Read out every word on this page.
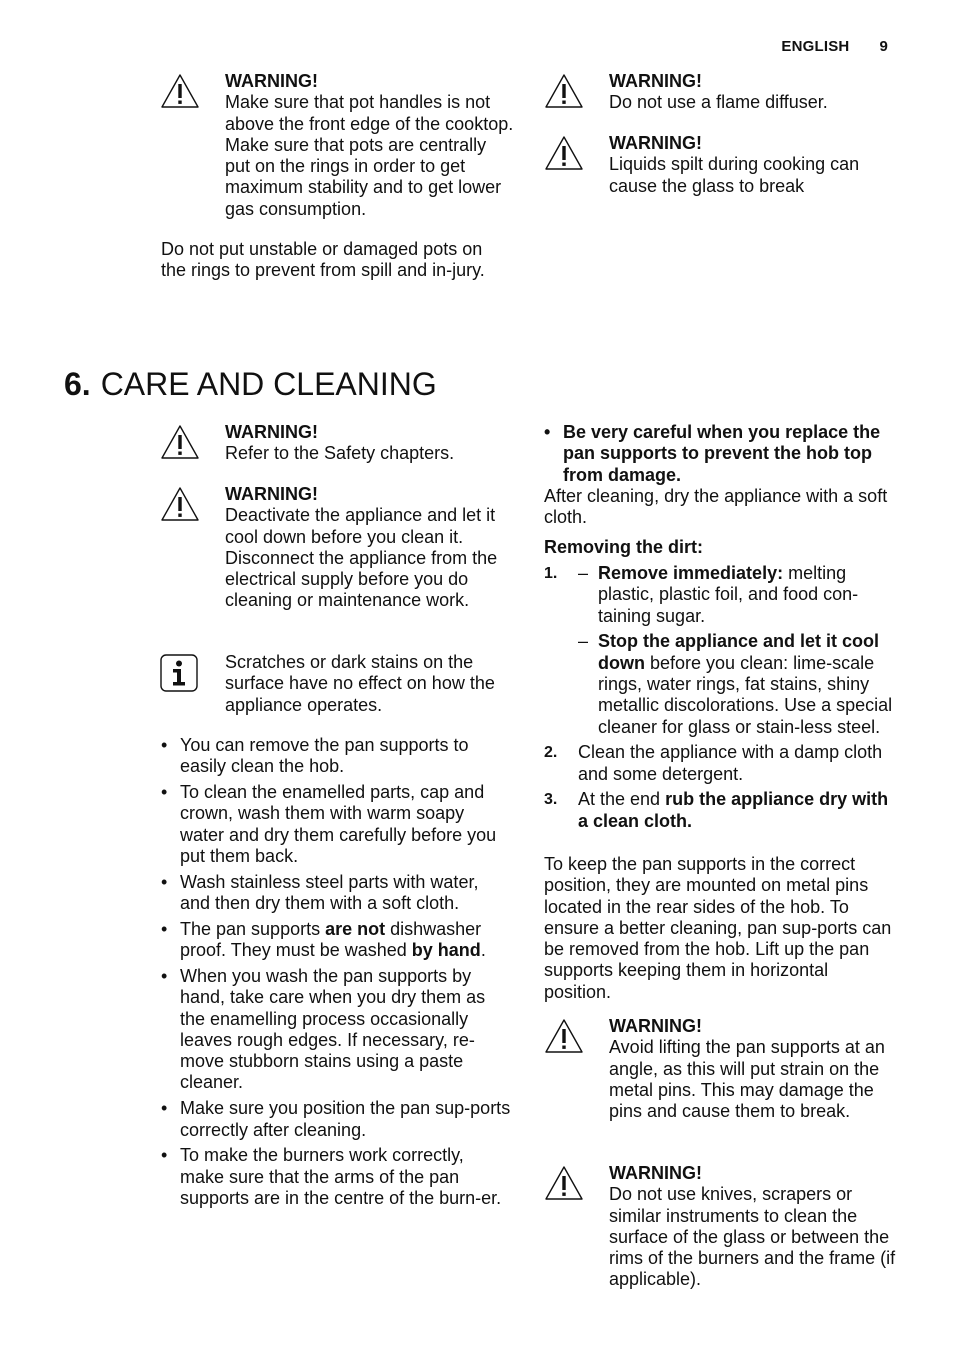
ENGLISH 9
WARNING!
Make sure that pot handles is not above the front edge of the cooktop. Make sure that pots are centrally put on the rings in order to get maximum stability and to get lower gas consumption.
Do not put unstable or damaged pots on the rings to prevent from spill and in-jury.
WARNING!
Do not use a flame diffuser.
WARNING!
Liquids spilt during cooking can cause the glass to break
6. CARE AND CLEANING
WARNING!
Refer to the Safety chapters.
WARNING!
Deactivate the appliance and let it cool down before you clean it. Disconnect the appliance from the electrical supply before you do cleaning or maintenance work.
Scratches or dark stains on the surface have no effect on how the appliance operates.
• You can remove the pan supports to easily clean the hob.
• To clean the enamelled parts, cap and crown, wash them with warm soapy water and dry them carefully before you put them back.
• Wash stainless steel parts with water, and then dry them with a soft cloth.
• The pan supports are not dishwasher proof. They must be washed by hand.
• When you wash the pan supports by hand, take care when you dry them as the enamelling process occasionally leaves rough edges. If necessary, re-move stubborn stains using a paste cleaner.
• Make sure you position the pan sup-ports correctly after cleaning.
• To make the burners work correctly, make sure that the arms of the pan supports are in the centre of the burn-er.
• Be very careful when you replace the pan supports to prevent the hob top from damage.
After cleaning, dry the appliance with a soft cloth.
Removing the dirt:
1. – Remove immediately: melting plastic, plastic foil, and food con-taining sugar.
– Stop the appliance and let it cool down before you clean: lime-scale rings, water rings, fat stains, shiny metallic discolorations. Use a special cleaner for glass or stain-less steel.
2. Clean the appliance with a damp cloth and some detergent.
3. At the end rub the appliance dry with a clean cloth.
To keep the pan supports in the correct position, they are mounted on metal pins located in the rear sides of the hob. To ensure a better cleaning, pan sup-ports can be removed from the hob. Lift up the pan supports keeping them in horizontal position.
WARNING!
Avoid lifting the pan supports at an angle, as this will put strain on the metal pins. This may damage the pins and cause them to break.
WARNING!
Do not use knives, scrapers or similar instruments to clean the surface of the glass or between the rims of the burners and the frame (if applicable).
